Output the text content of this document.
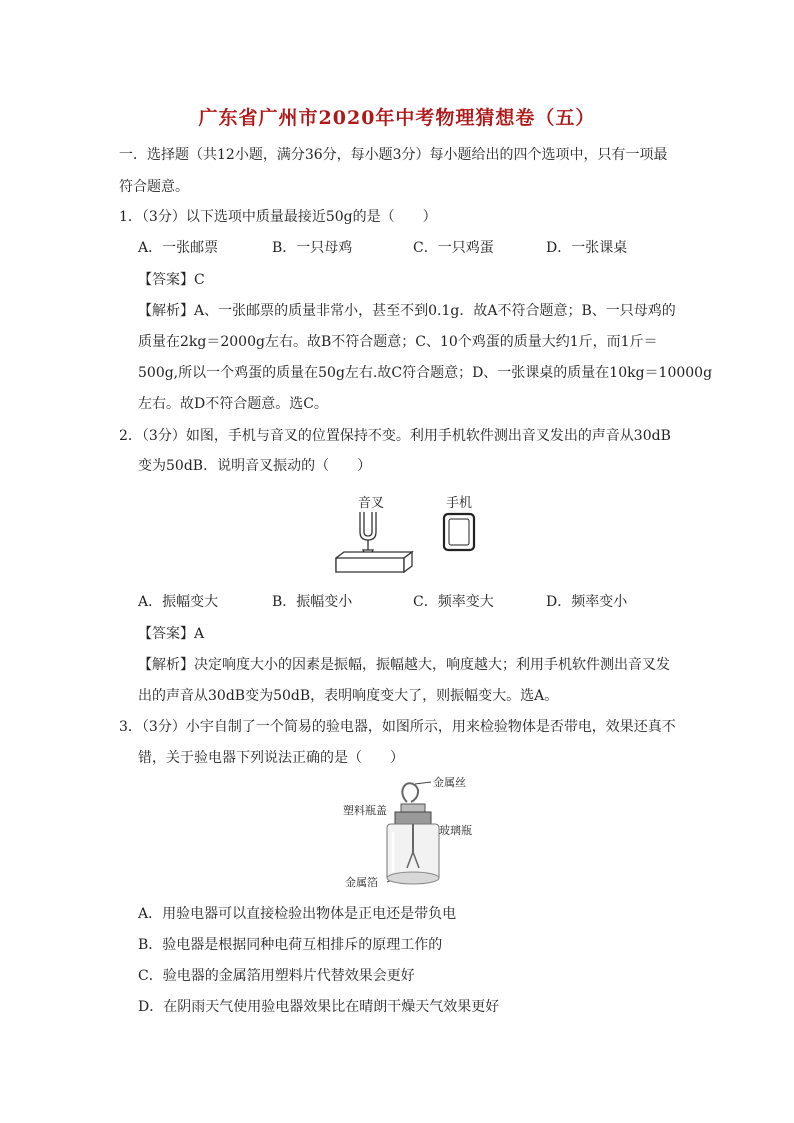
广东省广州市2020年中考物理猜想卷（五）
一．选择题（共12小题，满分36分，每小题3分）每小题给出的四个选项中，只有一项最
符合题意。
1．（3分）以下选项中质量最接近50g的是（　　）
A．一张邮票	B．一只母鸡	C．一只鸡蛋	D．一张课桌
【答案】C
【解析】A、一张邮票的质量非常小，甚至不到0.1g．故A不符合题意；B、一只母鸡的
质量在2kg＝2000g左右。故B不符合题意；C、10个鸡蛋的质量大约1斤，而1斤＝
500g,所以一个鸡蛋的质量在50g左右.故C符合题意；D、一张课桌的质量在10kg＝10000g
左右。故D不符合题意。选C。
2．（3分）如图，手机与音叉的位置保持不变。利用手机软件测出音叉发出的声音从30dB
变为50dB．说明音叉振动的（　　）
音叉	手机
A．振幅变大	B．振幅变小	C．频率变大	D．频率变小
【答案】A
【解析】决定响度大小的因素是振幅，振幅越大，响度越大；利用手机软件测出音叉发
出的声音从30dB变为50dB，表明响度变大了，则振幅变大。选A。
3．（3分）小宇自制了一个简易的验电器，如图所示，用来检验物体是否带电，效果还真不
错，关于验电器下列说法正确的是（　　）
金属丝
塑料瓶盖
玻璃瓶
金属箔
A．用验电器可以直接检验出物体是正电还是带负电
B．验电器是根据同种电荷互相排斥的原理工作的
C．验电器的金属箔用塑料片代替效果会更好
D．在阴雨天气使用验电器效果比在晴朗干燥天气效果更好
